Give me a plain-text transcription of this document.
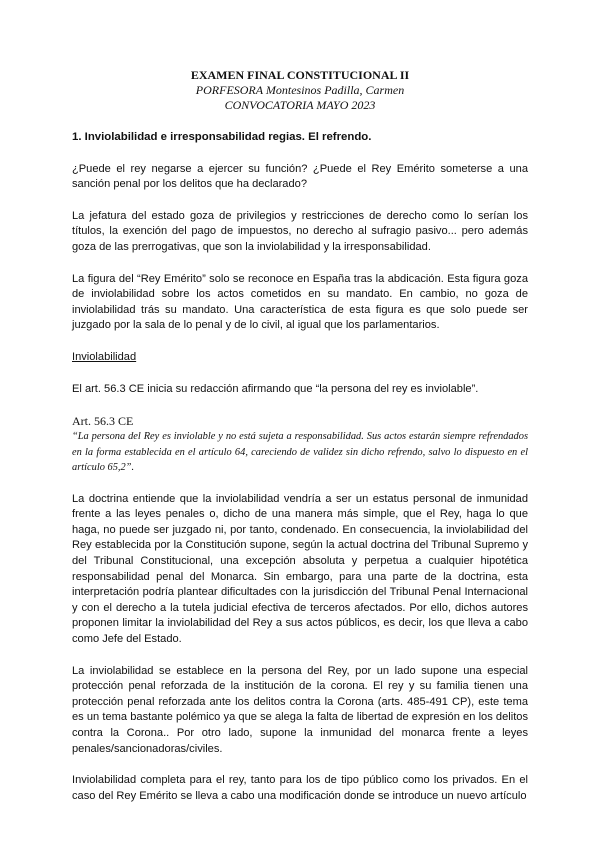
EXAMEN FINAL CONSTITUCIONAL II
PORFESORA Montesinos Padilla, Carmen
CONVOCATORIA MAYO 2023
1. Inviolabilidad e irresponsabilidad regias. El refrendo.

¿Puede el rey negarse a ejercer su función? ¿Puede el Rey Emérito someterse a una sanción penal por los delitos que ha declarado?

La jefatura del estado goza de privilegios y restricciones de derecho como lo serían los títulos, la exención del pago de impuestos, no derecho al sufragio pasivo... pero además goza de las prerrogativas, que son la inviolabilidad y la irresponsabilidad.

La figura del “Rey Emérito” solo se reconoce en España tras la abdicación. Esta figura goza de inviolabilidad sobre los actos cometidos en su mandato. En cambio, no goza de inviolabilidad trás su mandato. Una característica de esta figura es que solo puede ser juzgado por la sala de lo penal y de lo civil, al igual que los parlamentarios.

Inviolabilidad

El art. 56.3 CE inicia su redacción afirmando que “la persona del rey es inviolable”.

Art. 56.3 CE
“La persona del Rey es inviolable y no está sujeta a responsabilidad. Sus actos estarán siempre refrendados en la forma establecida en el artículo 64, careciendo de validez sin dicho refrendo, salvo lo dispuesto en el artículo 65,2”.

La doctrina entiende que la inviolabilidad vendría a ser un estatus personal de inmunidad frente a las leyes penales o, dicho de una manera más simple, que el Rey, haga lo que haga, no puede ser juzgado ni, por tanto, condenado. En consecuencia, la inviolabilidad del Rey establecida por la Constitución supone, según la actual doctrina del Tribunal Supremo y del Tribunal Constitucional, una excepción absoluta y perpetua a cualquier hipotética responsabilidad penal del Monarca. Sin embargo, para una parte de la doctrina, esta interpretación podría plantear dificultades con la jurisdicción del Tribunal Penal Internacional y con el derecho a la tutela judicial efectiva de terceros afectados. Por ello, dichos autores proponen limitar la inviolabilidad del Rey a sus actos públicos, es decir, los que lleva a cabo como Jefe del Estado.

La inviolabilidad se establece en la persona del Rey, por un lado supone una especial protección penal reforzada de la institución de la corona. El rey y su familia tienen una protección penal reforzada ante los delitos contra la Corona (arts. 485-491 CP), este tema es un tema bastante polémico ya que se alega la falta de libertad de expresión en los delitos contra la Corona.. Por otro lado, supone la inmunidad del monarca frente a leyes penales/sancionadoras/civiles.

Inviolabilidad completa para el rey, tanto para los de tipo público como los privados. En el caso del Rey Emérito se lleva a cabo una modificación donde se introduce un nuevo artículo
